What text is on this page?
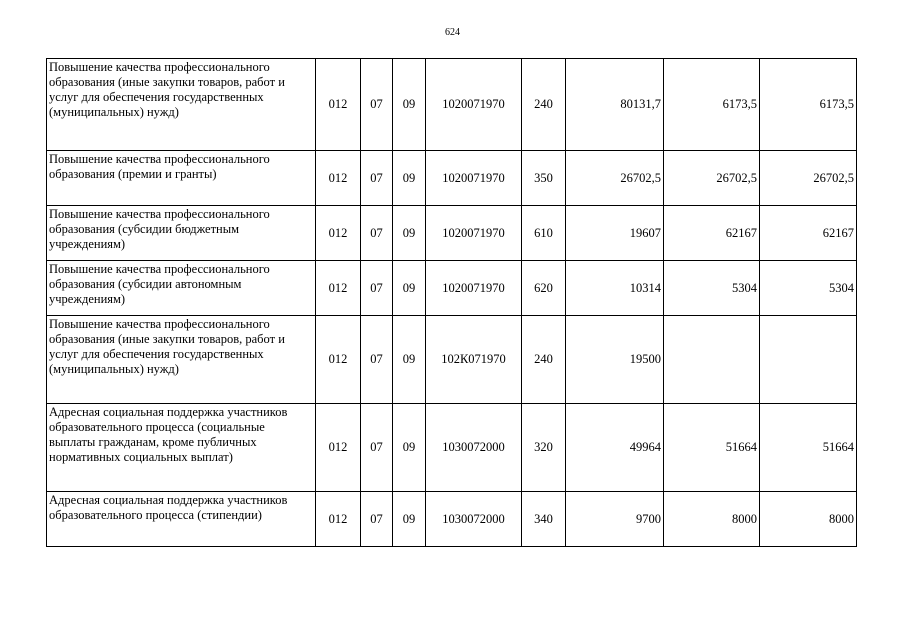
624
Повышение качества профессионального образования (иные закупки товаров, работ и услуг для обеспечения государственных (муниципальных) нужд)	012	07	09	1020071970	240	80131,7	6173,5	6173,5
Повышение качества профессионального образования (премии и гранты)	012	07	09	1020071970	350	26702,5	26702,5	26702,5
Повышение качества профессионального образования (субсидии бюджетным учреждениям)	012	07	09	1020071970	610	19607	62167	62167
Повышение качества профессионального образования (субсидии автономным учреждениям)	012	07	09	1020071970	620	10314	5304	5304
Повышение качества профессионального образования (иные закупки товаров, работ и услуг для обеспечения государственных (муниципальных) нужд)	012	07	09	102К071970	240	19500		
Адресная социальная поддержка участников образовательного процесса (социальные выплаты гражданам, кроме публичных нормативных социальных выплат)	012	07	09	1030072000	320	49964	51664	51664
Адресная социальная поддержка участников образовательного процесса (стипендии)	012	07	09	1030072000	340	9700	8000	8000
